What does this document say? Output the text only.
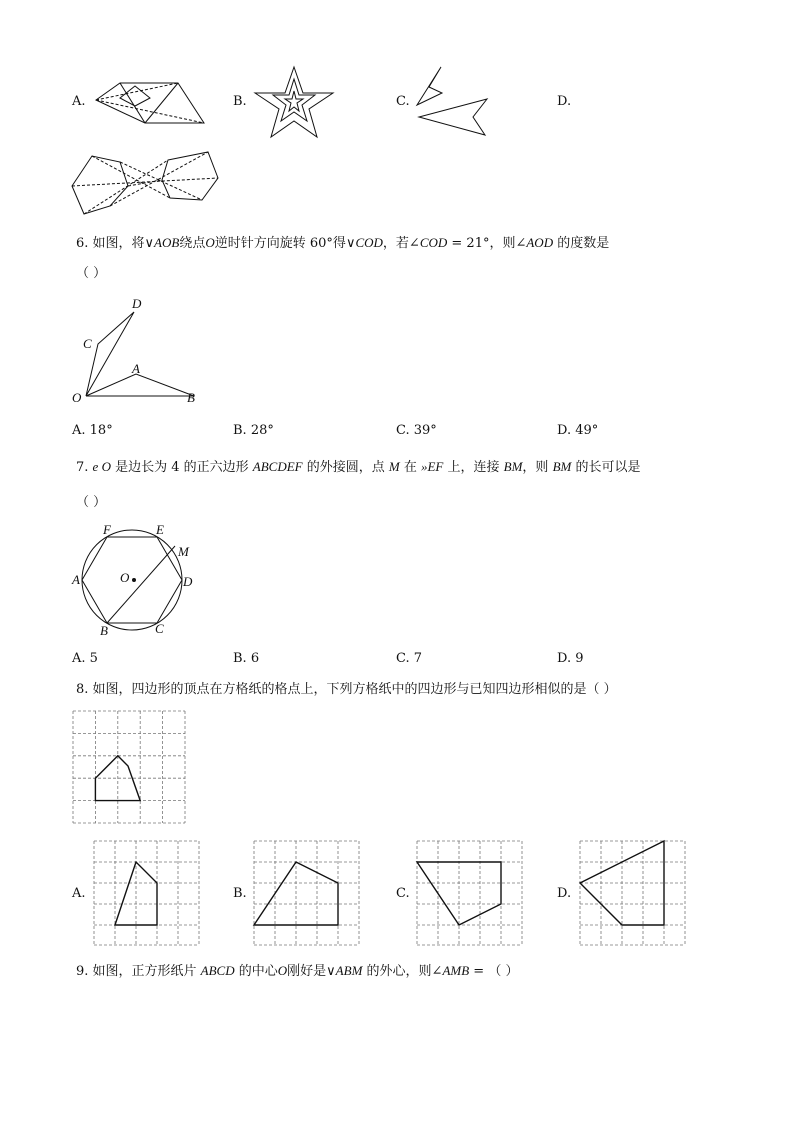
A.	B.	C.	D.
6. 如图，将∨AOB绕点O逆时针方向旋转 60°得∨COD，若∠COD = 21°，则∠AOD 的度数是
（ ）
D
C
A
O	B
A. 18°	B. 28°	C. 39°	D. 49°
7. e O 是边长为 4 的正六边形 ABCDEF 的外接圆，点 M 在 »EF 上，连接 BM，则 BM 的长可以是
（ ）
F	E
M
A	O	D
B	C
A. 5	B. 6	C. 7	D. 9
8. 如图，四边形的顶点在方格纸的格点上，下列方格纸中的四边形与已知四边形相似的是（ ）
A.	B.	C.	D.
9. 如图，正方形纸片 ABCD 的中心O刚好是∨ABM 的外心，则∠AMB = （ ）
